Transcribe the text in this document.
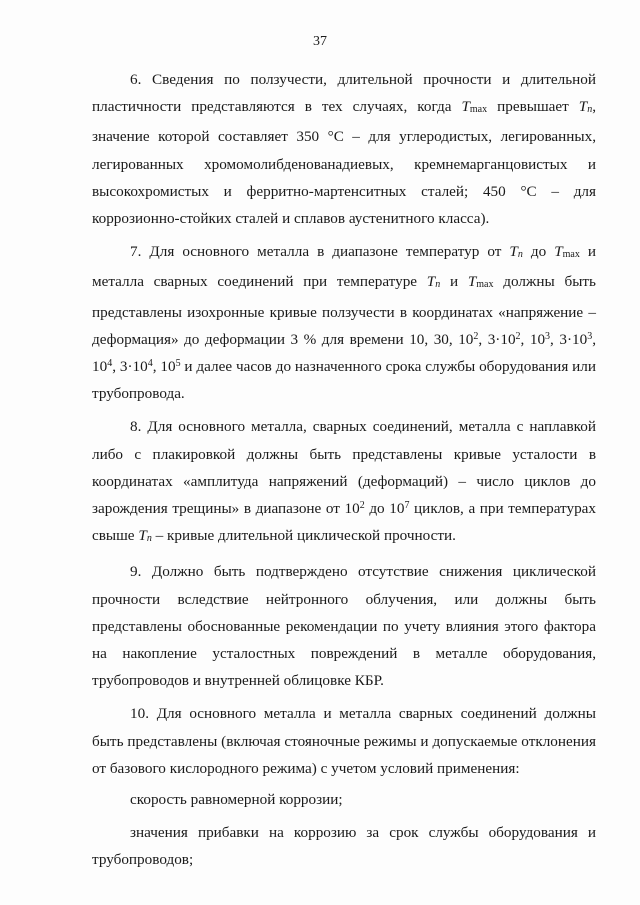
37

6. Сведения по ползучести, длительной прочности и длительной пластичности представляются в тех случаях, когда $T_{max}$ превышает $T_п$, значение которой составляет 350 °С – для углеродистых, легированных, легированных хромомолибденованадиевых, кремнемарганцовистых и высокохромистых и ферритно-мартенситных сталей; 450 °С – для коррозионно-стойких сталей и сплавов аустенитного класса).

7. Для основного металла в диапазоне температур от $T_п$ до $T_{max}$ и металла сварных соединений при температуре $T_п$ и $T_{max}$ должны быть представлены изохронные кривые ползучести в координатах «напряжение – деформация» до деформации 3 % для времени 10, 30, $10^2$, $3\cdot 10^2$, $10^3$, $3\cdot 10^3$, $10^4$, $3\cdot 10^4$, $10^5$ и далее часов до назначенного срока службы оборудования или трубопровода.

8. Для основного металла, сварных соединений, металла с наплавкой либо с плакировкой должны быть представлены кривые усталости в координатах «амплитуда напряжений (деформаций) – число циклов до зарождения трещины» в диапазоне от $10^2$ до $10^7$ циклов, а при температурах свыше $T_п$ – кривые длительной циклической прочности.

9. Должно быть подтверждено отсутствие снижения циклической прочности вследствие нейтронного облучения, или должны быть представлены обоснованные рекомендации по учету влияния этого фактора на накопление усталостных повреждений в металле оборудования, трубопроводов и внутренней облицовке КБР.

10. Для основного металла и металла сварных соединений должны быть представлены (включая стояночные режимы и допускаемые отклонения от базового кислородного режима) с учетом условий применения:

скорость равномерной коррозии;

значения прибавки на коррозию за срок службы оборудования и трубопроводов;
